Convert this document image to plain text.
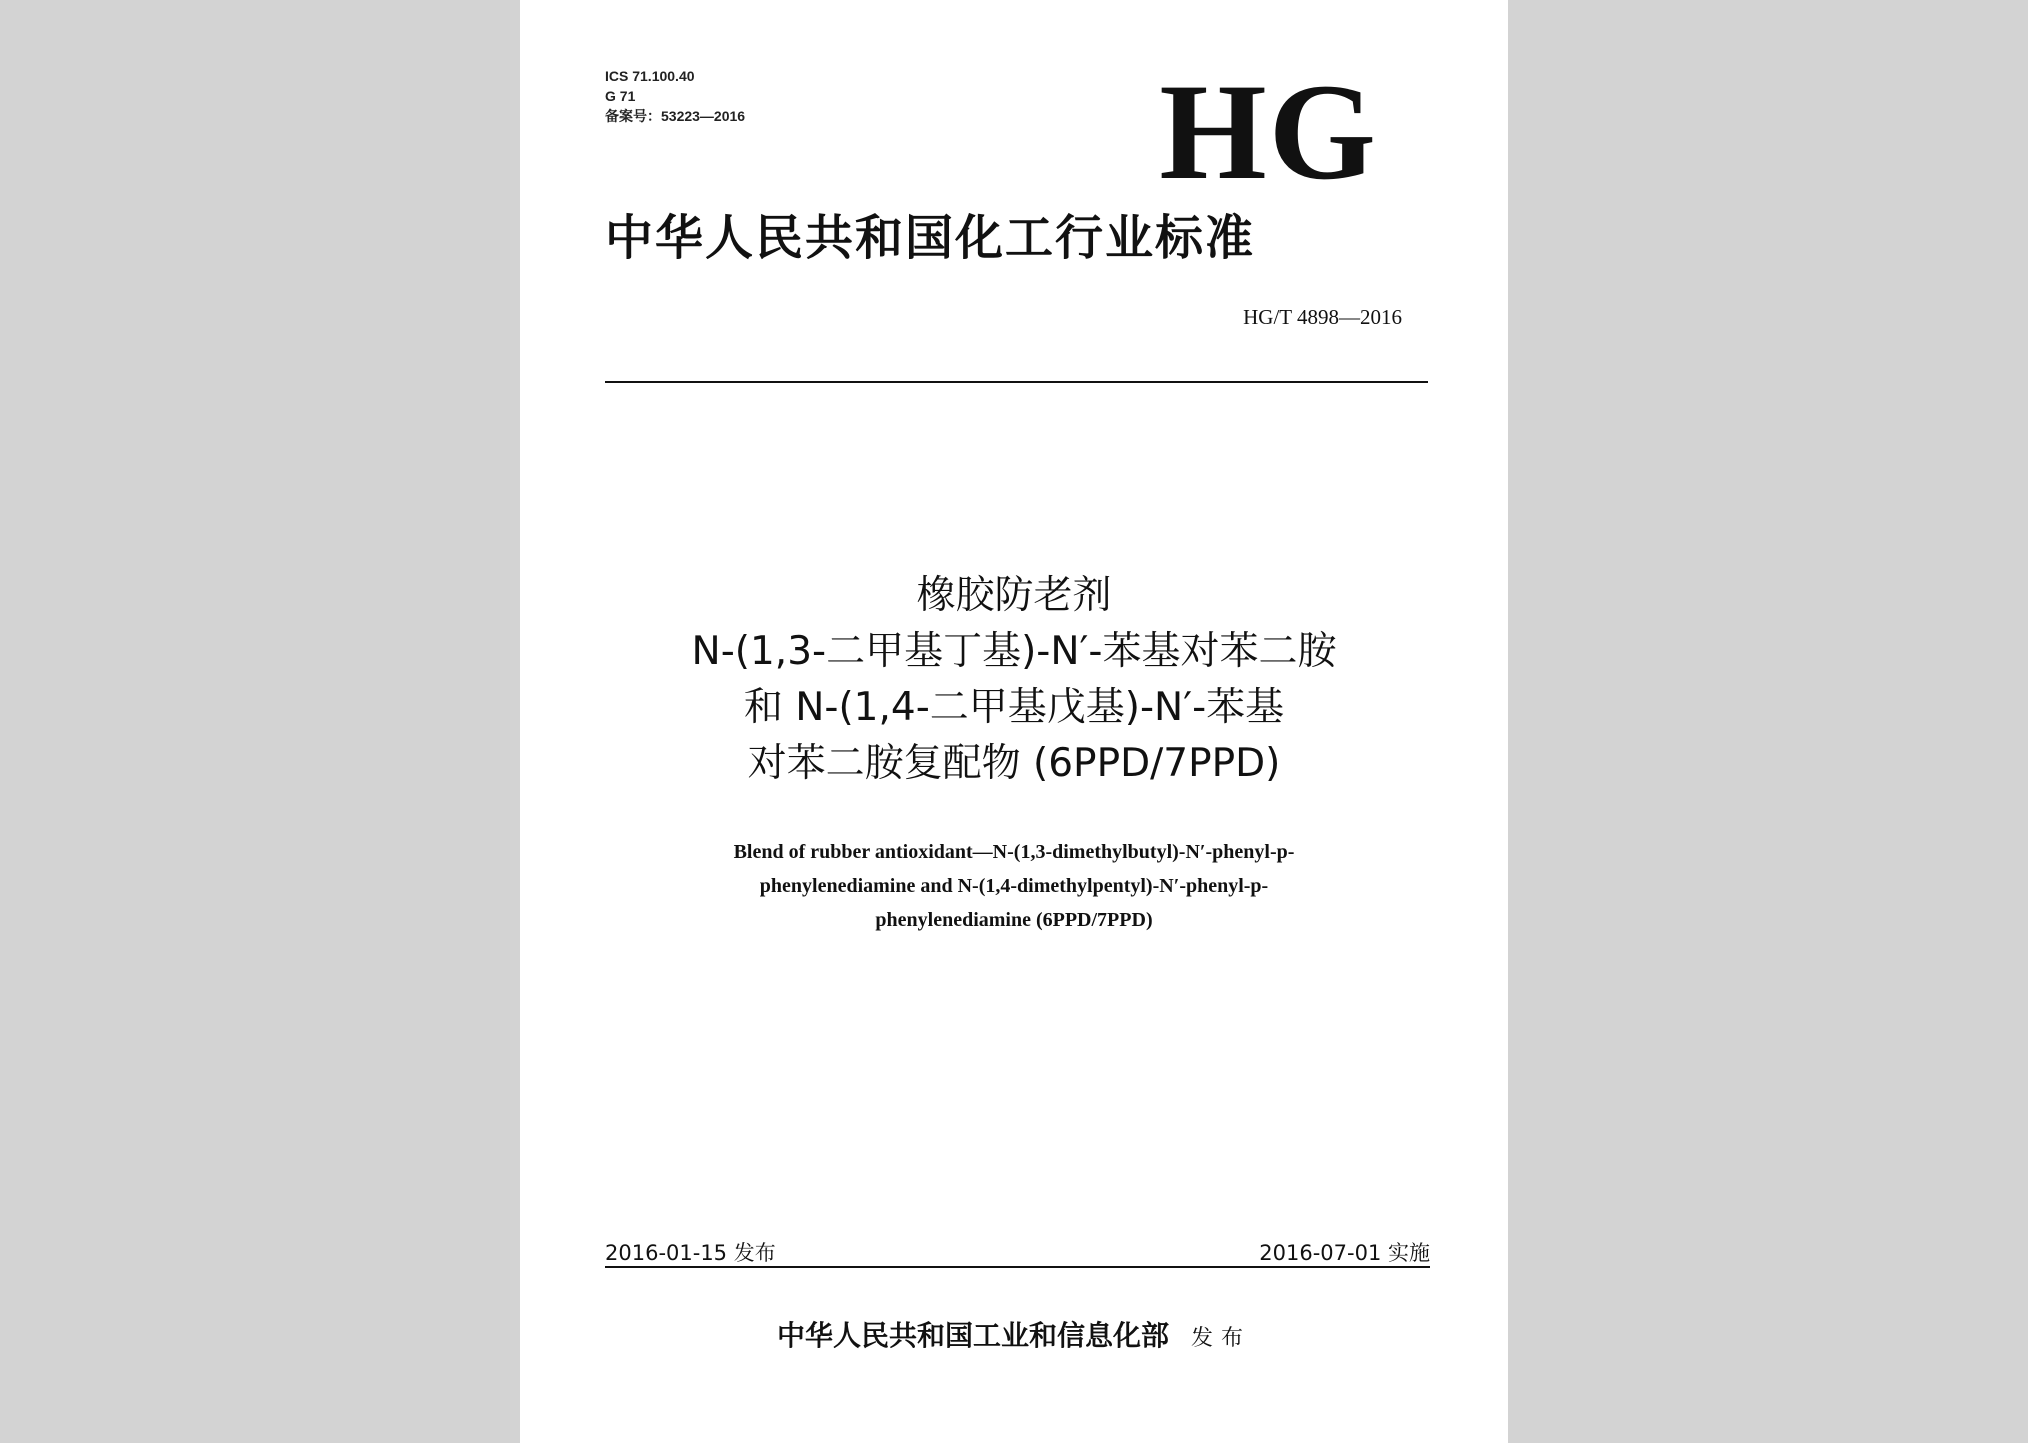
ICS 71.100.40
G 71
备案号：53223—2016	HG
中华人民共和国化工行业标准
HG/T 4898—2016
橡胶防老剂
N-(1,3-二甲基丁基)-N′-苯基对苯二胺
和 N-(1,4-二甲基戊基)-N′-苯基
对苯二胺复配物 (6PPD/7PPD)
Blend of rubber antioxidant—N-(1,3-dimethylbutyl)-N′-phenyl-p-
phenylenediamine and N-(1,4-dimethylpentyl)-N′-phenyl-p-
phenylenediamine (6PPD/7PPD)
2016-01-15 发布	2016-07-01 实施
中华人民共和国工业和信息化部 发布
